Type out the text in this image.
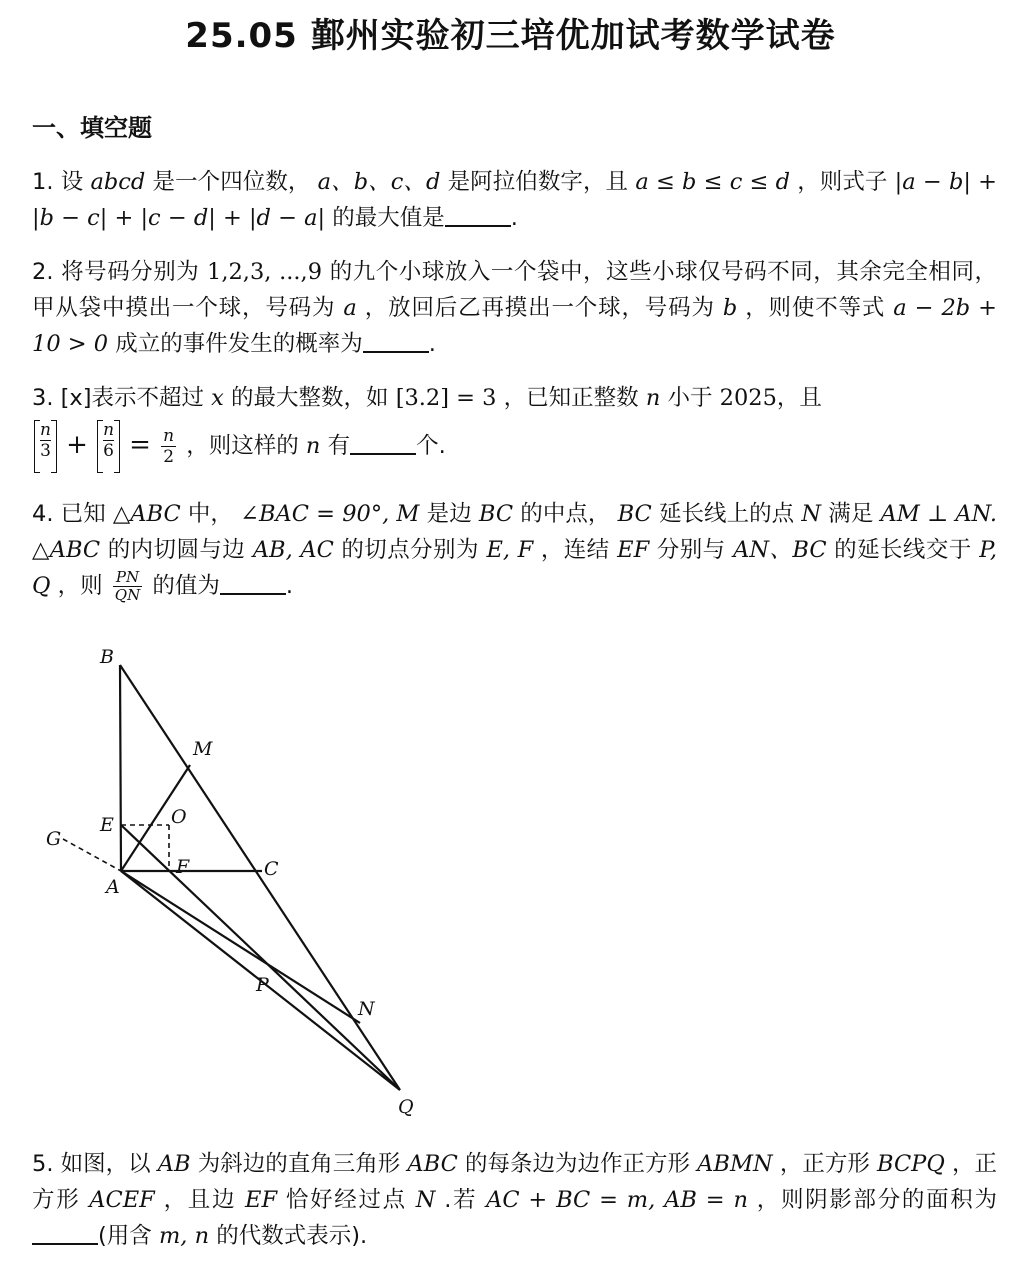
25.05 鄞州实验初三培优加试考数学试卷
一、填空题
1. 设 abcd 是一个四位数， a、b、c、d 是阿拉伯数字，且 a ≤ b ≤ c ≤ d ，则式子 |a − b| + |b − c| + |c − d| + |d − a| 的最大值是	.
2. 将号码分别为 1,2,3, ...,9 的九个小球放入一个袋中，这些小球仅号码不同，其余完全相同，甲从袋中摸出一个球，号码为 a ，放回后乙再摸出一个球，号码为 b ，则使不等式 a − 2b + 10 > 0 成立的事件发生的概率为	.
3. [x]表示不超过 x 的最大整数，如 [3.2] = 3 ，已知正整数 n 小于 2025，且
$\frac{n}{3} + \frac{n}{6} = \frac{n}{2}$ ，则这样的 n 有	个.
4. 已知 △ABC 中， ∠BAC = 90°, M 是边 BC 的中点， BC 延长线上的点 N 满足 AM ⊥ AN. △ABC 的内切圆与边 AB, AC 的切点分别为 E, F ，连结 EF 分别与 AN、BC 的延长线交于 P, Q ，则 $\frac{PN}{QN}$ 的值为	.
B
M
E	O
G
F	C
A
P
N
Q
5. 如图，以 AB 为斜边的直角三角形 ABC 的每条边为边作正方形 ABMN ，正方形 BCPQ ，正方形 ACEF ，且边 EF 恰好经过点 N .若 AC + BC = m, AB = n ，则阴影部分的面积为(用含 m, n 的代数式表示).
